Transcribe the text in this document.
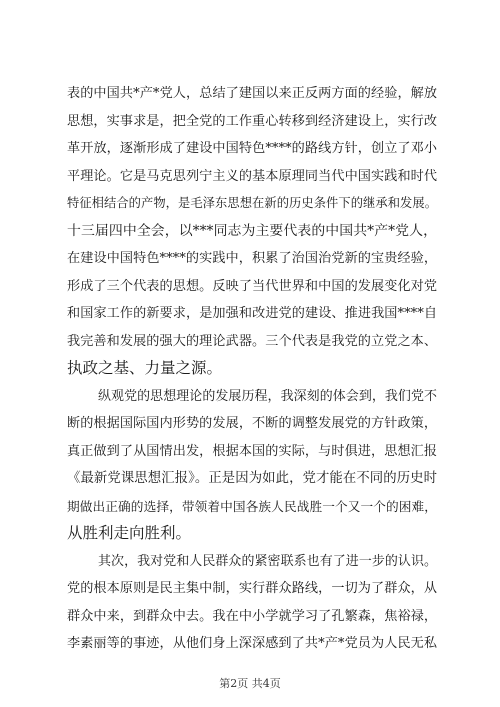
表的中国共*产*党人，总结了建国以来正反两方面的经验，解放
思想，实事求是，把全党的工作重心转移到经济建设上，实行改
革开放，逐渐形成了建设中国特色****的路线方针，创立了邓小
平理论。它是马克思列宁主义的基本原理同当代中国实践和时代
特征相结合的产物，是毛泽东思想在新的历史条件下的继承和发展。
十三届四中全会，以***同志为主要代表的中国共*产*党人，
在建设中国特色****的实践中，积累了治国治党新的宝贵经验，
形成了三个代表的思想。反映了当代世界和中国的发展变化对党
和国家工作的新要求，是加强和改进党的建设、推进我国****自
我完善和发展的强大的理论武器。三个代表是我党的立党之本、
执政之基、力量之源。

纵观党的思想理论的发展历程，我深刻的体会到，我们党不
断的根据国际国内形势的发展，不断的调整发展党的方针政策，
真正做到了从国情出发，根据本国的实际，与时俱进，思想汇报
《最新党课思想汇报》。正是因为如此，党才能在不同的历史时
期做出正确的选择，带领着中国各族人民战胜一个又一个的困难，
从胜利走向胜利。

其次，我对党和人民群众的紧密联系也有了进一步的认识。
党的根本原则是民主集中制，实行群众路线，一切为了群众，从
群众中来，到群众中去。我在中小学就学习了孔繁森，焦裕禄，
李素丽等的事迹，从他们身上深深感到了共*产*党员为人民无私

第2页 共4页
